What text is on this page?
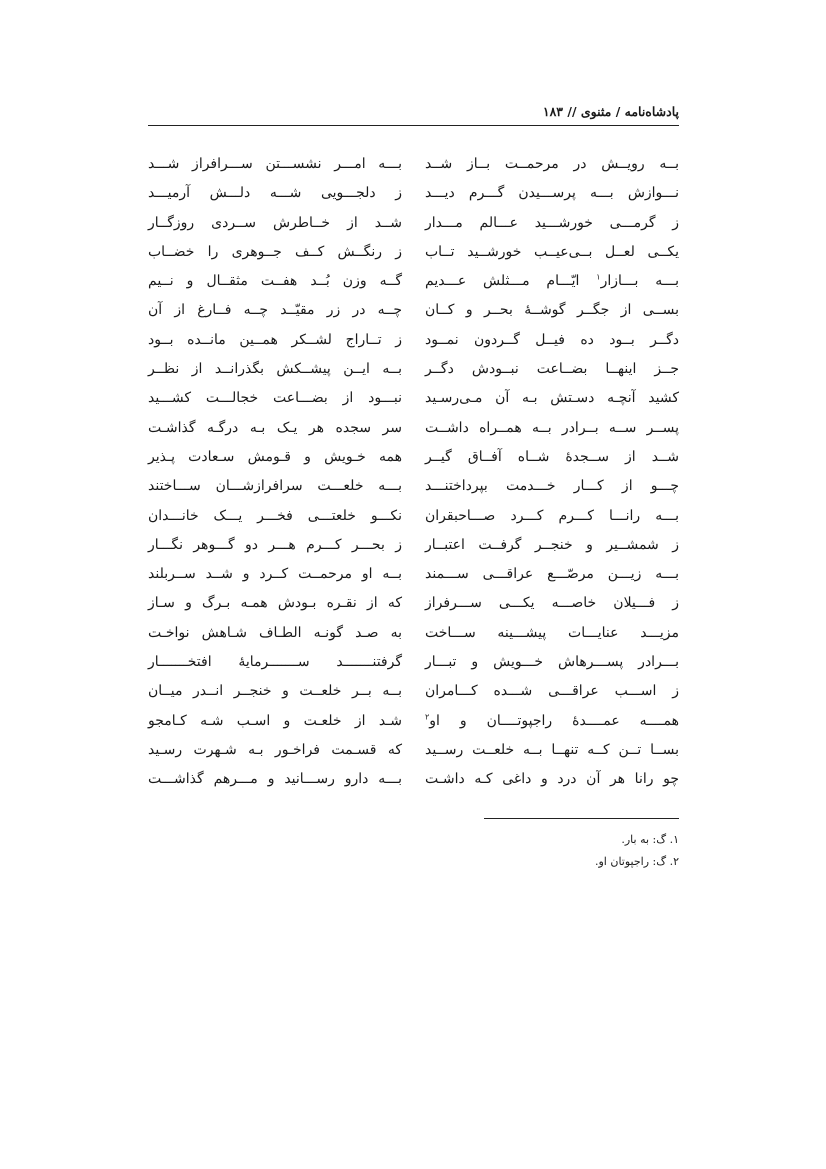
پادشاه‌نامه / مثنوی // ۱۸۳
بــه رویــش در مرحمــت بــاز شــد
نـــوازش بـــه پرســـیدن گـــرم دیـــد
ز گرمـــی خورشـــید عـــالم مـــدار
یکــی لعــل بــی‌عیــب خورشــید تــاب
بـــه بـــازار$^۱$ ایّـــام مـــثلش عـــدیم
بســی از جگــر گوشــهٔ بحــر و کــان
دگــر بــود ده فیــل گــردون نمــود
جــز اینهــا بضــاعت نبــودش دگــر
کشید آنچـه دسـتش بـه آن مـی‌رسـید
پســر ســه بــرادر بــه همــراه داشــت
شــد از ســجدهٔ شــاه آفــاق گیــر
چـــو از کـــار خـــدمت بپرداختنـــد
بـــه رانـــا کـــرم کـــرد صـــاحبقران
ز شمشــیر و خنجــر گرفــت اعتبــار
بـــه زیـــن مرصّـــع عراقـــی ســـمند
ز فـــیلان خاصـــه یکـــی ســـرفراز
مزیـــد عنایـــات پیشـــینه ســـاخت
بـــرادر پســـرهاش خـــویش و تبـــار
ز اســـب عراقـــی شـــده کـــامران
همــــه عمــــدهٔ راجپوتــــان و او$^۲$
بســا تــن کــه تنهــا بــه خلعــت رســید
چو رانا هر آن درد و داغی کـه داشـت
بـــه امـــر نشســـتن ســـرافراز شـــد
ز دلجـــویی شـــه دلـــش آرمیـــد
شــد از خــاطرش ســردی روزگــار
ز رنگــش کــف جــوهری را خضــاب
گــه وزن بُــد هفــت مثقــال و نــیم
چــه در زر مقیّــد چــه فــارغ از آن
ز تــاراج لشــکر همــین مانــده بــود
بــه ایــن پیشــکش بگذرانــد از نظــر
نبـــود از بضـــاعت خجالـــت کشـــید
سر سجده هر یـک بـه درگـه گذاشـت
همه خـویش و قـومش سـعادت پـذیر
بـــه خلعـــت سرافرازشـــان ســـاختند
نکـــو خلعتـــی فخـــر یـــک خانـــدان
ز بحـــر کـــرم هـــر دو گـــوهر نگـــار
بــه او مرحمــت کــرد و شــد ســربلند
که از نقـره بـودش همـه بـرگ و سـاز
به صـد گونـه الطـاف شـاهش نواخـت
گرفتنـــــــد ســـــــرمایهٔ افتخـــــــار
بــه بــر خلعــت و خنجــر انــدر میــان
شـد از خلعـت و اسـب شـه کـامجو
که قسـمت فراخـور بـه شـهرت رسـید
بـــه دارو رســـانید و مـــرهم گذاشـــت
۱. گ: به بار.
۲. گ: راجپوتان او.
